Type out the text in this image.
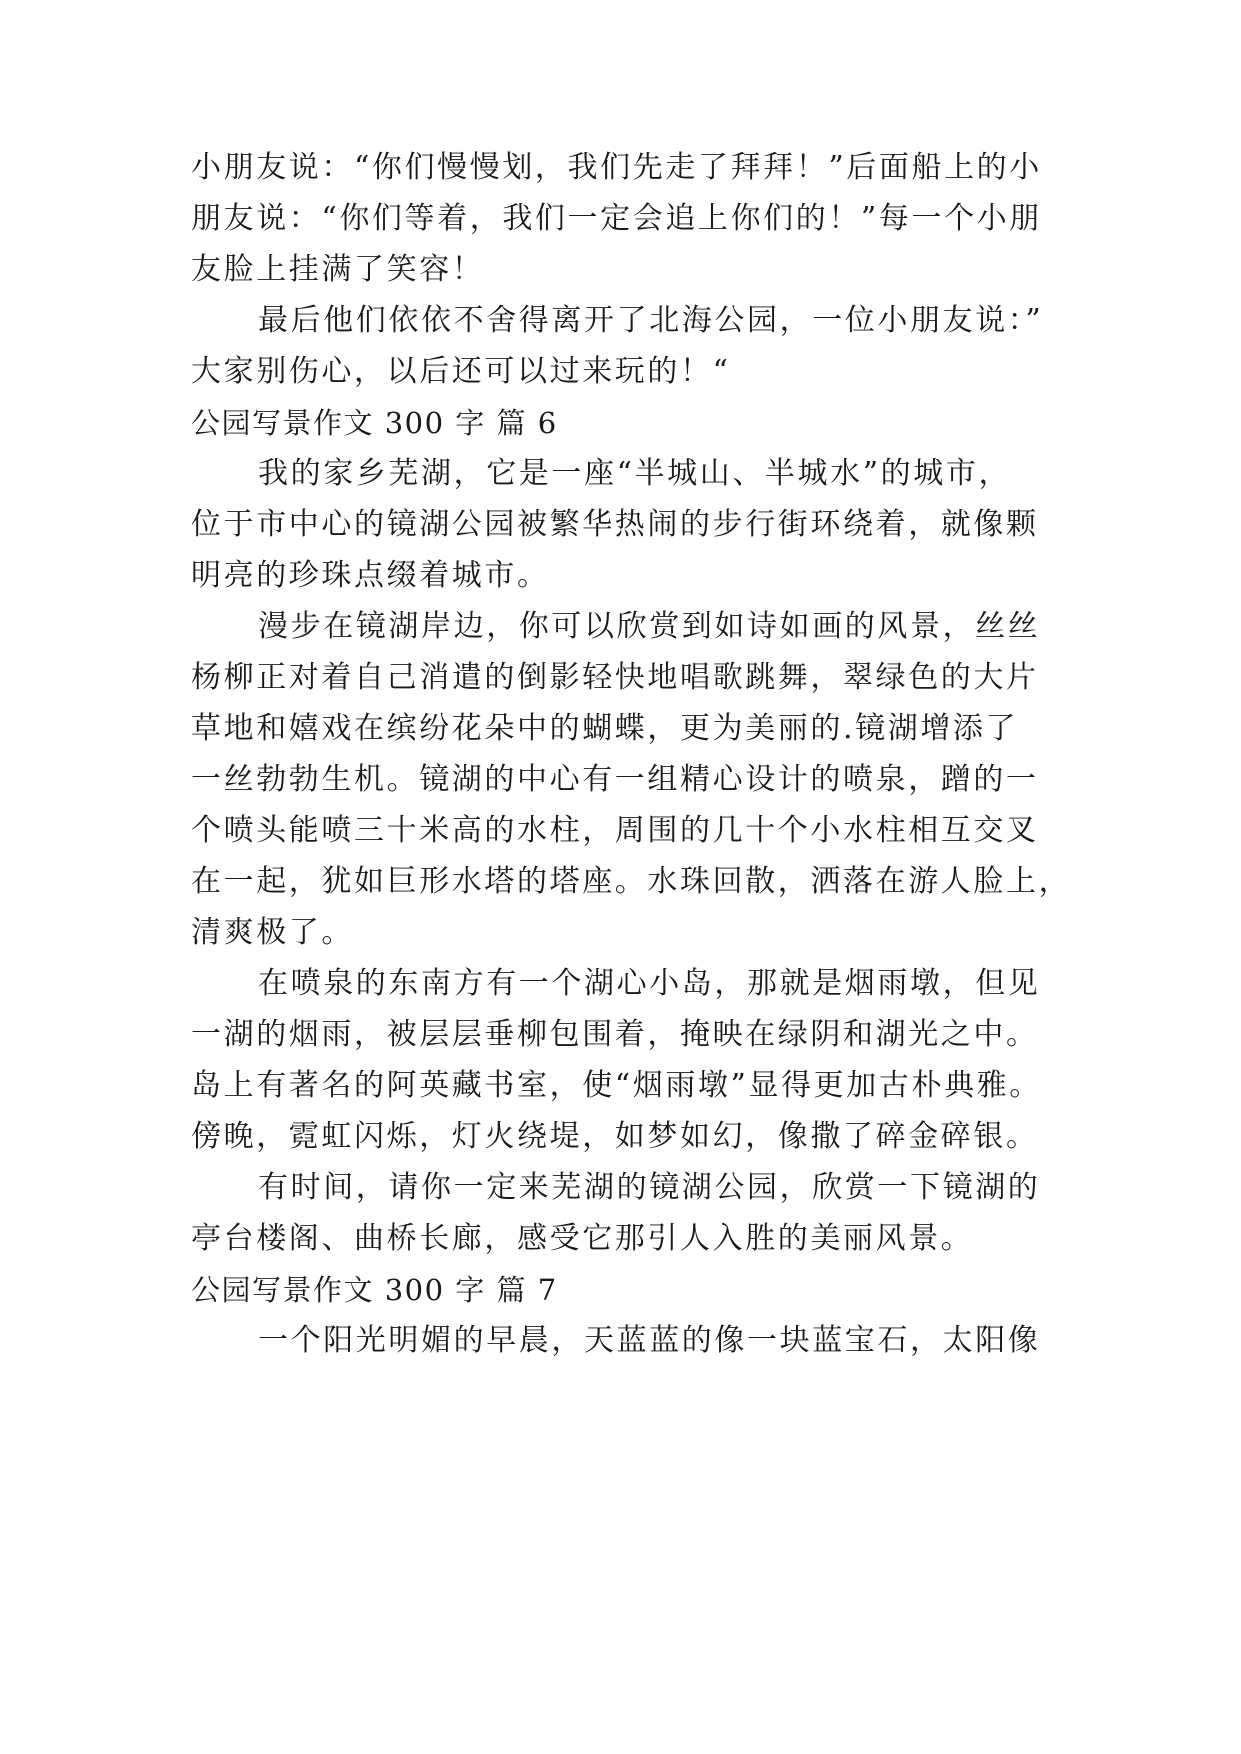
小朋友说：“你们慢慢划，我们先走了拜拜！”后面船上的小
朋友说：“你们等着，我们一定会追上你们的！”每一个小朋
友脸上挂满了笑容！
最后他们依依不舍得离开了北海公园，一位小朋友说：”
大家别伤心，以后还可以过来玩的！“
公园写景作文 300 字 篇 6
我的家乡芜湖，它是一座“半城山、半城水”的城市，
位于市中心的镜湖公园被繁华热闹的步行街环绕着，就像颗
明亮的珍珠点缀着城市。
漫步在镜湖岸边，你可以欣赏到如诗如画的风景，丝丝
杨柳正对着自己消遣的倒影轻快地唱歌跳舞，翠绿色的大片
草地和嬉戏在缤纷花朵中的蝴蝶，更为美丽的.镜湖增添了
一丝勃勃生机。镜湖的中心有一组精心设计的喷泉，蹭的一
个喷头能喷三十米高的水柱，周围的几十个小水柱相互交叉
在一起，犹如巨形水塔的塔座。水珠回散，洒落在游人脸上，
清爽极了。
在喷泉的东南方有一个湖心小岛，那就是烟雨墩，但见
一湖的烟雨，被层层垂柳包围着，掩映在绿阴和湖光之中。
岛上有著名的阿英藏书室，使“烟雨墩”显得更加古朴典雅。
傍晚，霓虹闪烁，灯火绕堤，如梦如幻，像撒了碎金碎银。
有时间，请你一定来芜湖的镜湖公园，欣赏一下镜湖的
亭台楼阁、曲桥长廊，感受它那引人入胜的美丽风景。
公园写景作文 300 字 篇 7
一个阳光明媚的早晨，天蓝蓝的像一块蓝宝石，太阳像
